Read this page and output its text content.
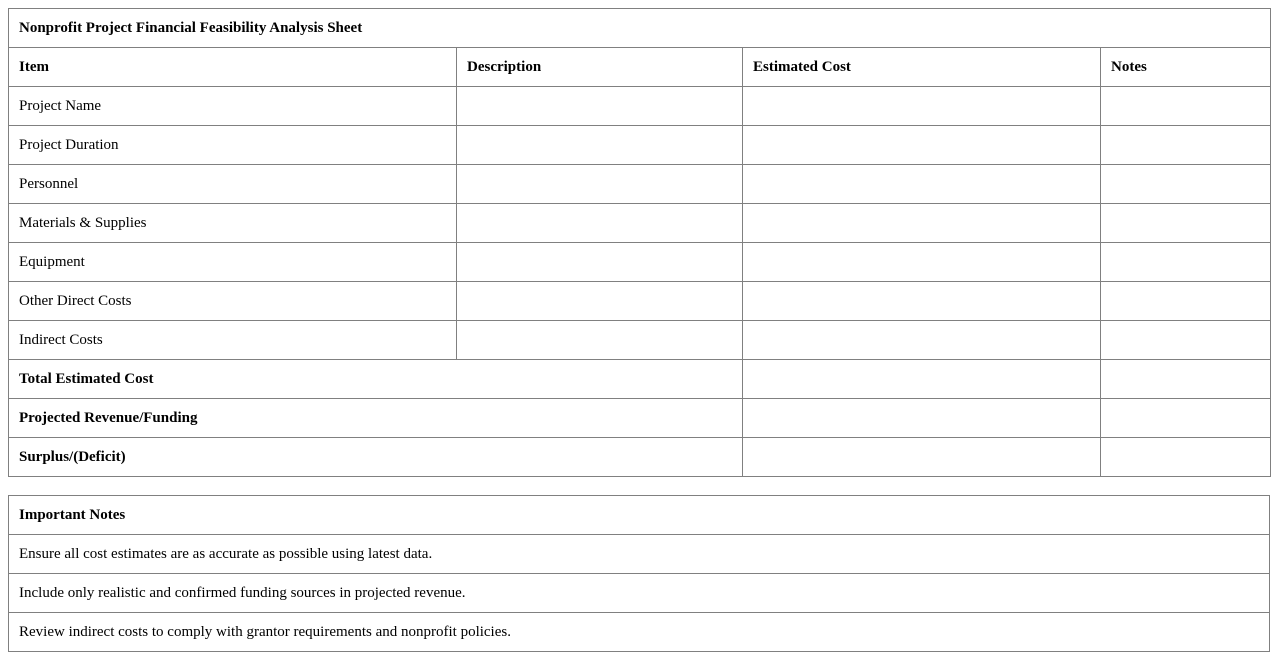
Nonprofit Project Financial Feasibility Analysis Sheet			
Item	Description	Estimated Cost	Notes
Project Name			
Project Duration			
Personnel			
Materials & Supplies			
Equipment			
Other Direct Costs			
Indirect Costs			
Total Estimated Cost			
Projected Revenue/Funding			
Surplus/(Deficit)			
Important Notes
Ensure all cost estimates are as accurate as possible using latest data.
Include only realistic and confirmed funding sources in projected revenue.
Review indirect costs to comply with grantor requirements and nonprofit policies.
